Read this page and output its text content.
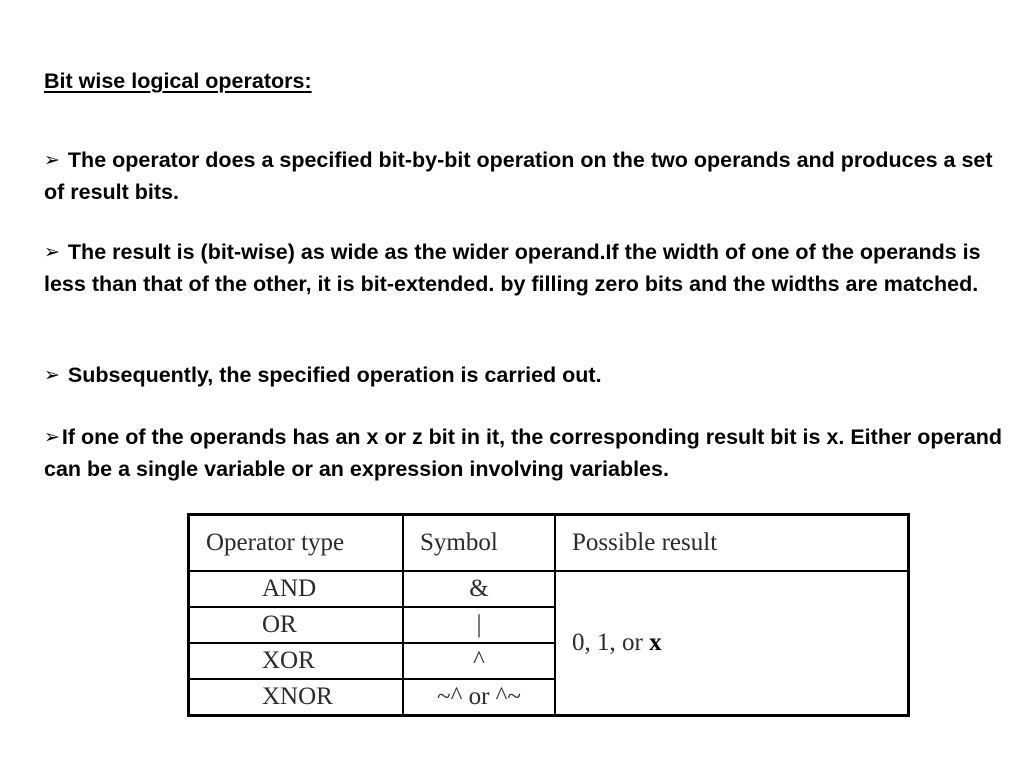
Bit wise logical operators:

➢ The operator does a specified bit-by-bit operation on the two operands and produces a set of result bits.

➢ The result is (bit-wise) as wide as the wider operand.If the width of one of the operands is less than that of the other, it is bit-extended. by filling zero bits and the widths are matched.

➢ Subsequently, the specified operation is carried out.

➢If one of the operands has an x or z bit in it, the corresponding result bit is x. Either operand can be a single variable or an expression involving variables.

Operator type	Symbol	Possible result
AND	&	0, 1, or x
OR	|	
XOR	^	
XNOR	~^ or ^~	
